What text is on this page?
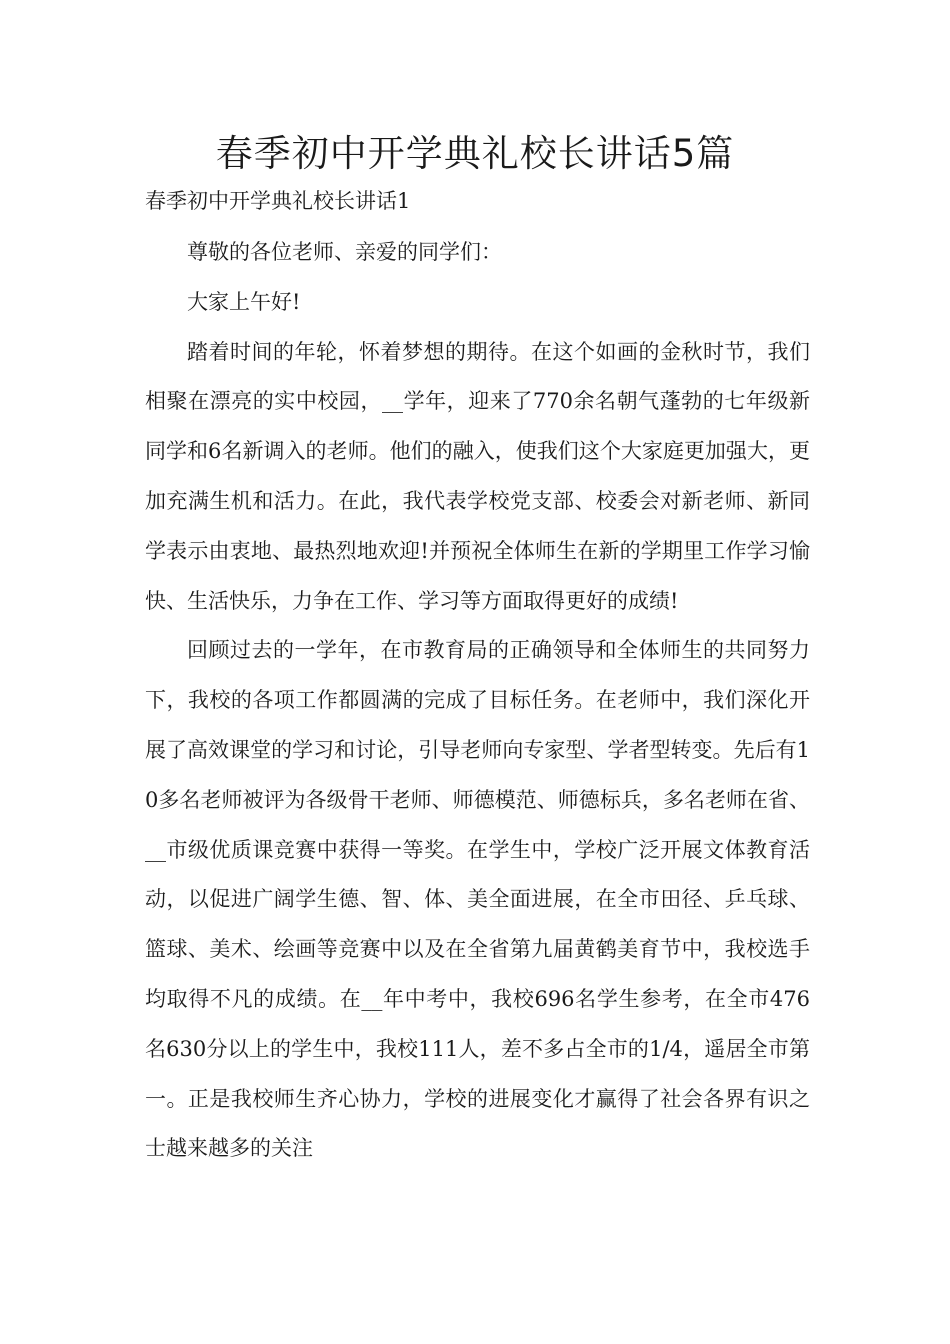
春季初中开学典礼校长讲话5篇
春季初中开学典礼校长讲话1

尊敬的各位老师、亲爱的同学们：

大家上午好!

踏着时间的年轮，怀着梦想的期待。在这个如画的金秋时节，我们相聚在漂亮的实中校园，__学年，迎来了770余名朝气蓬勃的七年级新同学和6名新调入的老师。他们的融入，使我们这个大家庭更加强大，更加充满生机和活力。在此，我代表学校党支部、校委会对新老师、新同学表示由衷地、最热烈地欢迎!并预祝全体师生在新的学期里工作学习愉快、生活快乐，力争在工作、学习等方面取得更好的成绩!

回顾过去的一学年，在市教育局的正确领导和全体师生的共同努力下，我校的各项工作都圆满的完成了目标任务。在老师中，我们深化开展了高效课堂的学习和讨论，引导老师向专家型、学者型转变。先后有10多名老师被评为各级骨干老师、师德模范、师德标兵，多名老师在省、__市级优质课竞赛中获得一等奖。在学生中，学校广泛开展文体教育活动，以促进广阔学生德、智、体、美全面进展，在全市田径、乒乓球、篮球、美术、绘画等竞赛中以及在全省第九届黄鹤美育节中，我校选手均取得不凡的成绩。在__年中考中，我校696名学生参考，在全市476名630分以上的学生中，我校111人，差不多占全市的1/4，遥居全市第一。正是我校师生齐心协力，学校的进展变化才赢得了社会各界有识之士越来越多的关注
